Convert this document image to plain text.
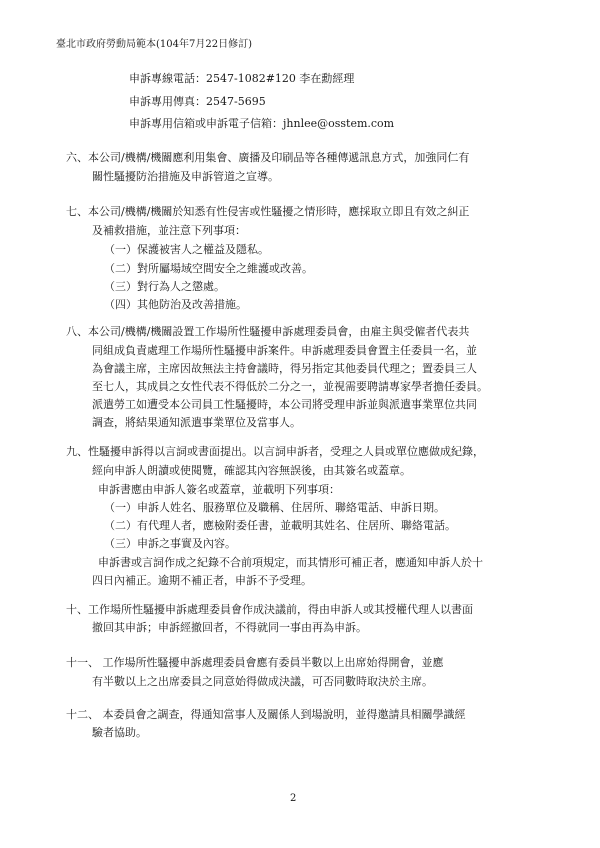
臺北市政府勞動局範本(104年7月22日修訂)
申訴專線電話：2547-1082#120 李在勳經理
申訴專用傳真：2547-5695
申訴專用信箱或申訴電子信箱：jhnlee@osstem.com
六、本公司/機構/機關應利用集會、廣播及印刷品等各種傳遞訊息方式，加強同仁有
關性騷擾防治措施及申訴管道之宣導。
七、本公司/機構/機關於知悉有性侵害或性騷擾之情形時，應採取立即且有效之糾正
及補救措施，並注意下列事項：
（一）保護被害人之權益及隱私。
（二）對所屬場域空間安全之維護或改善。
（三）對行為人之懲處。
（四）其他防治及改善措施。
八、本公司/機構/機關設置工作場所性騷擾申訴處理委員會，由雇主與受僱者代表共
同組成負責處理工作場所性騷擾申訴案件。申訴處理委員會置主任委員一名，並
為會議主席，主席因故無法主持會議時，得另指定其他委員代理之；置委員三人
至七人，其成員之女性代表不得低於二分之一，並視需要聘請專家學者擔任委員。
派遣勞工如遭受本公司員工性騷擾時，本公司將受理申訴並與派遣事業單位共同
調查，將結果通知派遣事業單位及當事人。
九、性騷擾申訴得以言詞或書面提出。以言詞申訴者，受理之人員或單位應做成紀錄，
經向申訴人朗讀或使閱覽，確認其內容無誤後，由其簽名或蓋章。
申訴書應由申訴人簽名或蓋章，並載明下列事項：
（一）申訴人姓名、服務單位及職稱、住居所、聯絡電話、申訴日期。
（二）有代理人者，應檢附委任書，並載明其姓名、住居所、聯絡電話。
（三）申訴之事實及內容。
申訴書或言詞作成之紀錄不合前項規定，而其情形可補正者，應通知申訴人於十
四日內補正。逾期不補正者，申訴不予受理。
十、工作場所性騷擾申訴處理委員會作成決議前，得由申訴人或其授權代理人以書面
撤回其申訴；申訴經撤回者，不得就同一事由再為申訴。
十一、 工作場所性騷擾申訴處理委員會應有委員半數以上出席始得開會，並應
有半數以上之出席委員之同意始得做成決議，可否同數時取決於主席。
十二、 本委員會之調查，得通知當事人及關係人到場說明，並得邀請具相關學識經
驗者協助。
2
